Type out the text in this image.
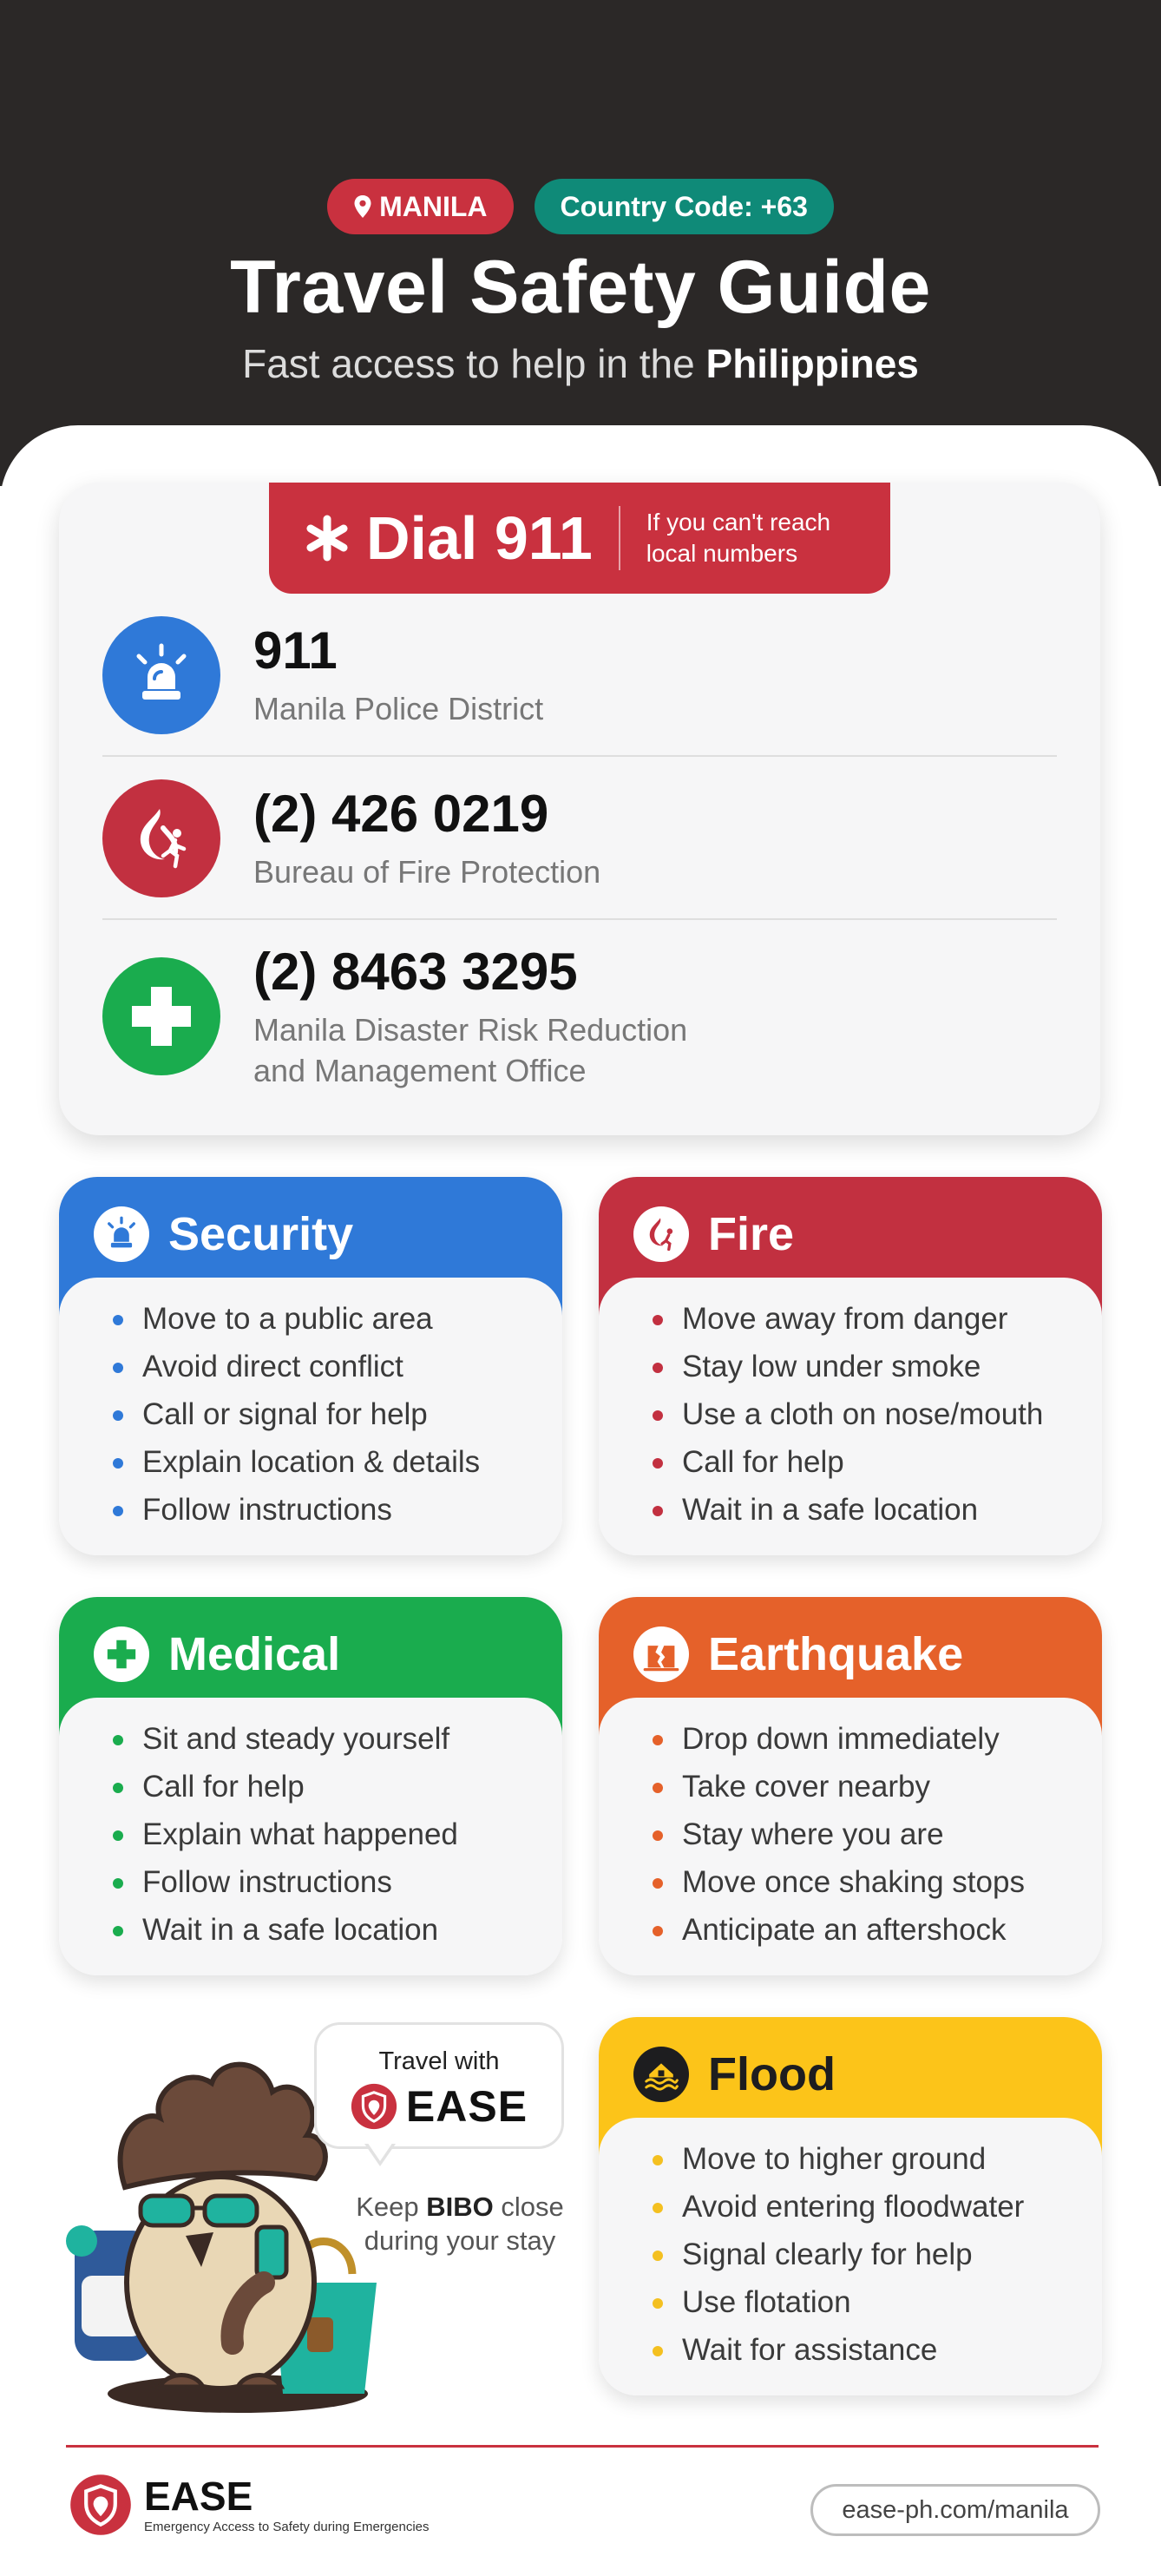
MANILA	Country Code: +63
Travel Safety Guide
Fast access to help in the Philippines
Dial 911 If you can't reach local numbers
911
Manila Police District
(2) 426 0219
Bureau of Fire Protection
(2) 8463 3295
Manila Disaster Risk Reduction
and Management Office
Security
Move to a public area
Avoid direct conflict
Call or signal for help
Explain location & details
Follow instructions
Fire
Move away from danger
Stay low under smoke
Use a cloth on nose/mouth
Call for help
Wait in a safe location
Medical
Sit and steady yourself
Call for help
Explain what happened
Follow instructions
Wait in a safe location
Earthquake
Drop down immediately
Take cover nearby
Stay where you are
Move once shaking stops
Anticipate an aftershock
Flood
Move to higher ground
Avoid entering floodwater
Signal clearly for help
Use flotation
Wait for assistance
Travel with
EASE
Keep BIBO close
during your stay
EASE
Emergency Access to Safety during Emergencies
ease-ph.com/manila
